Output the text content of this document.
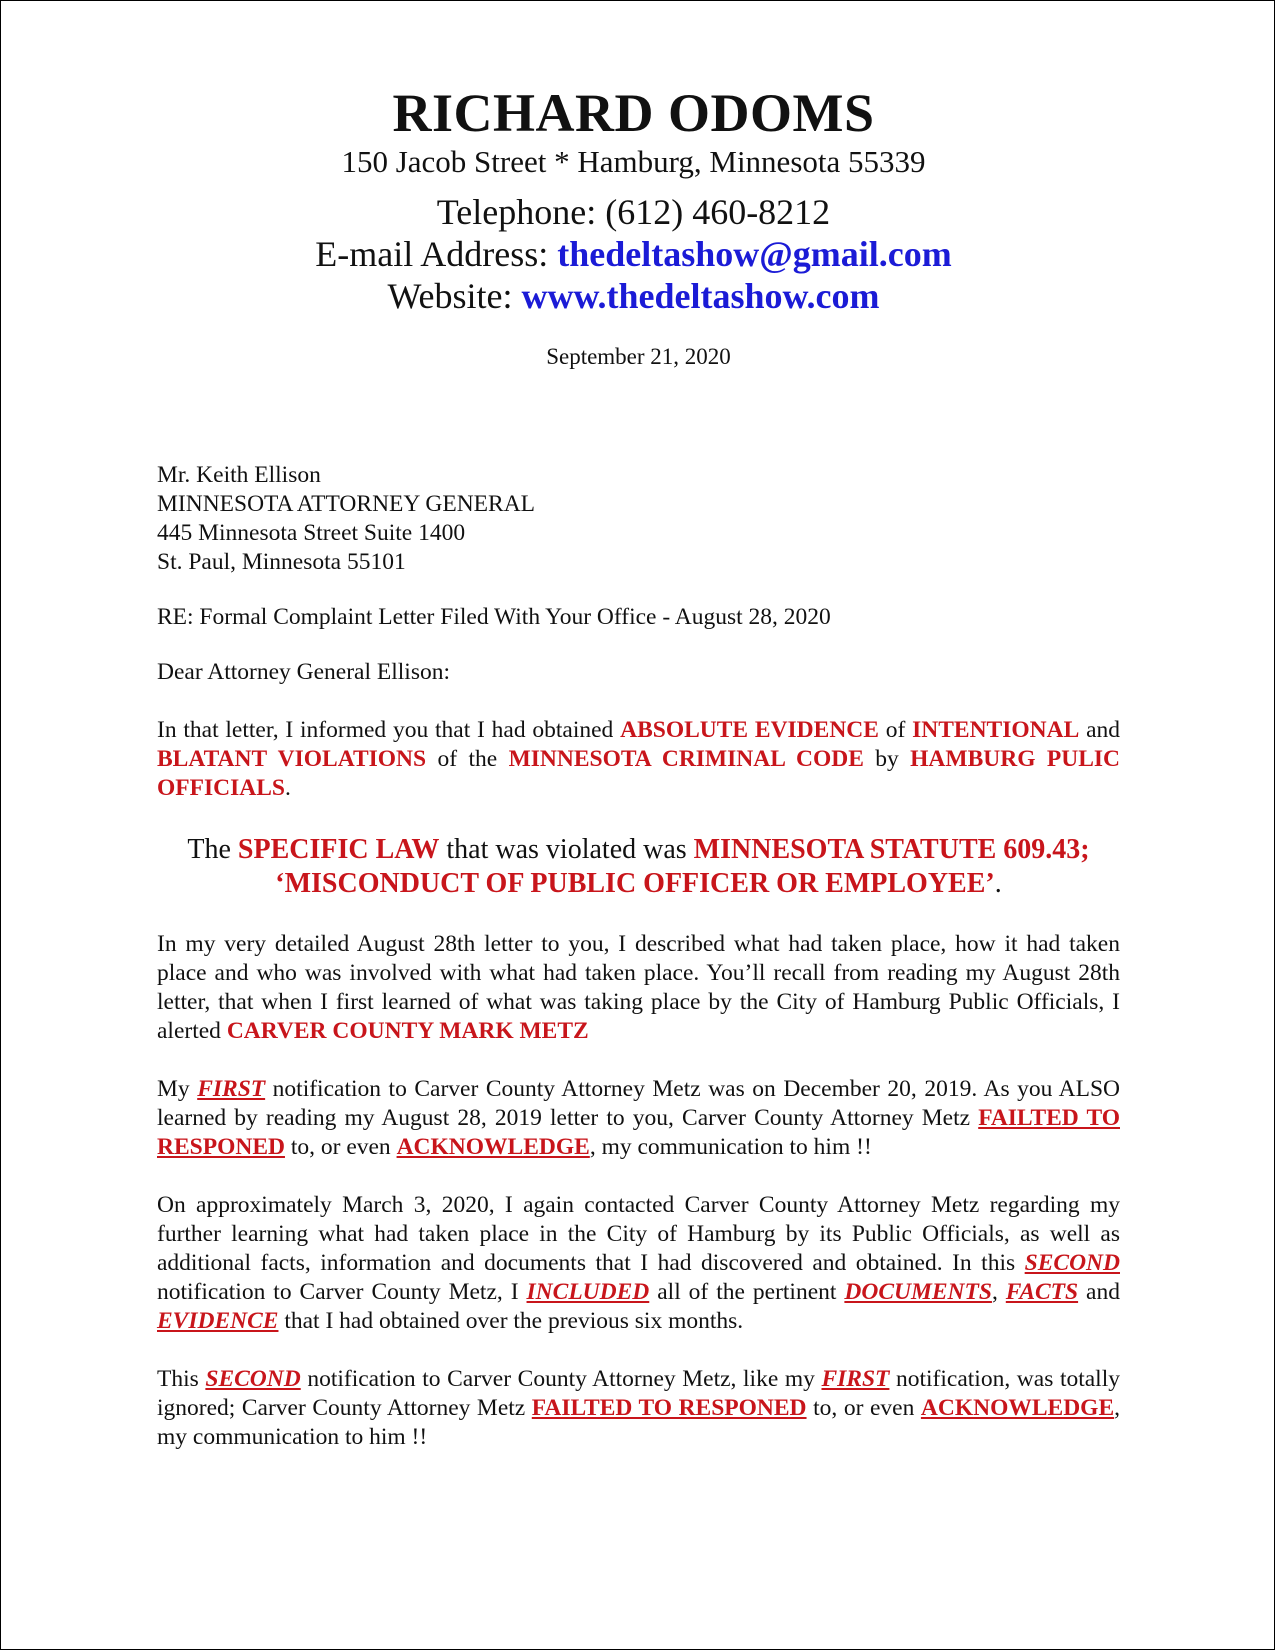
RICHARD ODOMS
150 Jacob Street * Hamburg, Minnesota 55339
Telephone: (612) 460-8212
E-mail Address: thedeltashow@gmail.com
Website: www.thedeltashow.com
September 21, 2020
Mr. Keith Ellison
MINNESOTA ATTORNEY GENERAL
445 Minnesota Street Suite 1400
St. Paul, Minnesota 55101
RE: Formal Complaint Letter Filed With Your Office - August 28, 2020
Dear Attorney General Ellison:
In that letter, I informed you that I had obtained ABSOLUTE EVIDENCE of INTENTIONAL and BLATANT VIOLATIONS of the MINNESOTA CRIMINAL CODE by HAMBURG PULIC OFFICIALS.
The SPECIFIC LAW that was violated was MINNESOTA STATUTE 609.43;
‘MISCONDUCT OF PUBLIC OFFICER OR EMPLOYEE’.
In my very detailed August 28th letter to you, I described what had taken place, how it had taken place and who was involved with what had taken place. You’ll recall from reading my August 28th letter, that when I first learned of what was taking place by the City of Hamburg Public Officials, I alerted CARVER COUNTY MARK METZ
My FIRST notification to Carver County Attorney Metz was on December 20, 2019. As you ALSO learned by reading my August 28, 2019 letter to you, Carver County Attorney Metz FAILTED TO RESPONED to, or even ACKNOWLEDGE, my communication to him !!
On approximately March 3, 2020, I again contacted Carver County Attorney Metz regarding my further learning what had taken place in the City of Hamburg by its Public Officials, as well as additional facts, information and documents that I had discovered and obtained. In this SECOND notification to Carver County Metz, I INCLUDED all of the pertinent DOCUMENTS, FACTS and EVIDENCE that I had obtained over the previous six months.
This SECOND notification to Carver County Attorney Metz, like my FIRST notification, was totally ignored; Carver County Attorney Metz FAILTED TO RESPONED to, or even ACKNOWLEDGE, my communication to him !!
